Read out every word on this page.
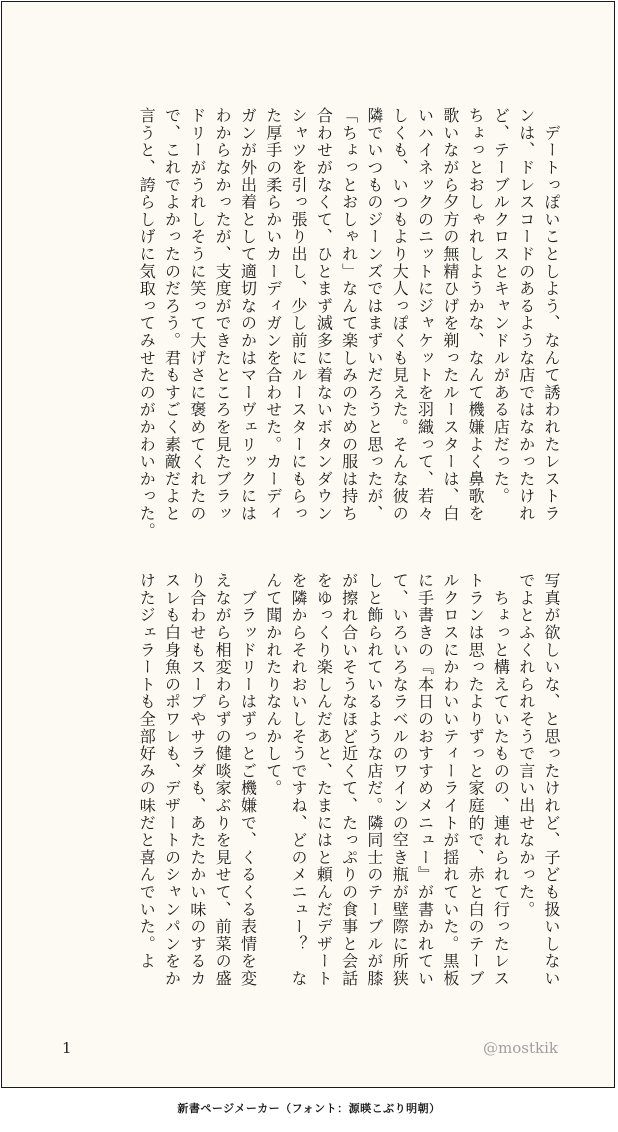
　デートっぽいことしよう、なんて誘われたレストラ
ンは、ドレスコードのあるような店ではなかったけれ
ど、テーブルクロスとキャンドルがある店だった。
ちょっとおしゃれしようかな、なんて機嫌よく鼻歌を
歌いながら夕方の無精ひげを剃ったルースターは、白
いハイネックのニットにジャケットを羽織って、若々
しくも、いつもより大人っぽくも見えた。そんな彼の
隣でいつものジーンズではまずいだろうと思ったが、
「ちょっとおしゃれ」なんて楽しみのための服は持ち
合わせがなくて、ひとまず滅多に着ないボタンダウン
シャツを引っ張り出し、少し前にルースターにもらっ
た厚手の柔らかいカーディガンを合わせた。カーディ
ガンが外出着として適切なのかはマーヴェリックには
わからなかったが、支度ができたところを見たブラッ
ドリーがうれしそうに笑って大げさに褒めてくれたの
で、これでよかったのだろう。君もすごく素敵だよと
言うと、誇らしげに気取ってみせたのがかわいかった。
写真が欲しいな、と思ったけれど、子ども扱いしない
でよとふくれられそうで言い出せなかった。
　ちょっと構えていたものの、連れられて行ったレス
トランは思ったよりずっと家庭的で、赤と白のテーブ
ルクロスにかわいいティーライトが揺れていた。黒板
に手書きの『本日のおすすめメニュー』が書かれてい
て、いろいろなラベルのワインの空き瓶が壁際に所狭
しと飾られているような店だ。隣同士のテーブルが膝
が擦れ合いそうなほど近くて、たっぷりの食事と会話
をゆっくり楽しんだあと、たまにはと頼んだデザート
を隣からそれおいしそうですね、どのメニュー？　な
んて聞かれたりなんかして。
　ブラッドリーはずっとご機嫌で、くるくる表情を変
えながら相変わらずの健啖家ぶりを見せて、前菜の盛
り合わせもスープやサラダも、あたたかい味のするカ
スレも白身魚のポワレも、デザートのシャンパンをか
けたジェラートも全部好みの味だと喜んでいた。よ
1	@mostkik
新書ページメーカー（フォント：源暎こぶり明朝）
